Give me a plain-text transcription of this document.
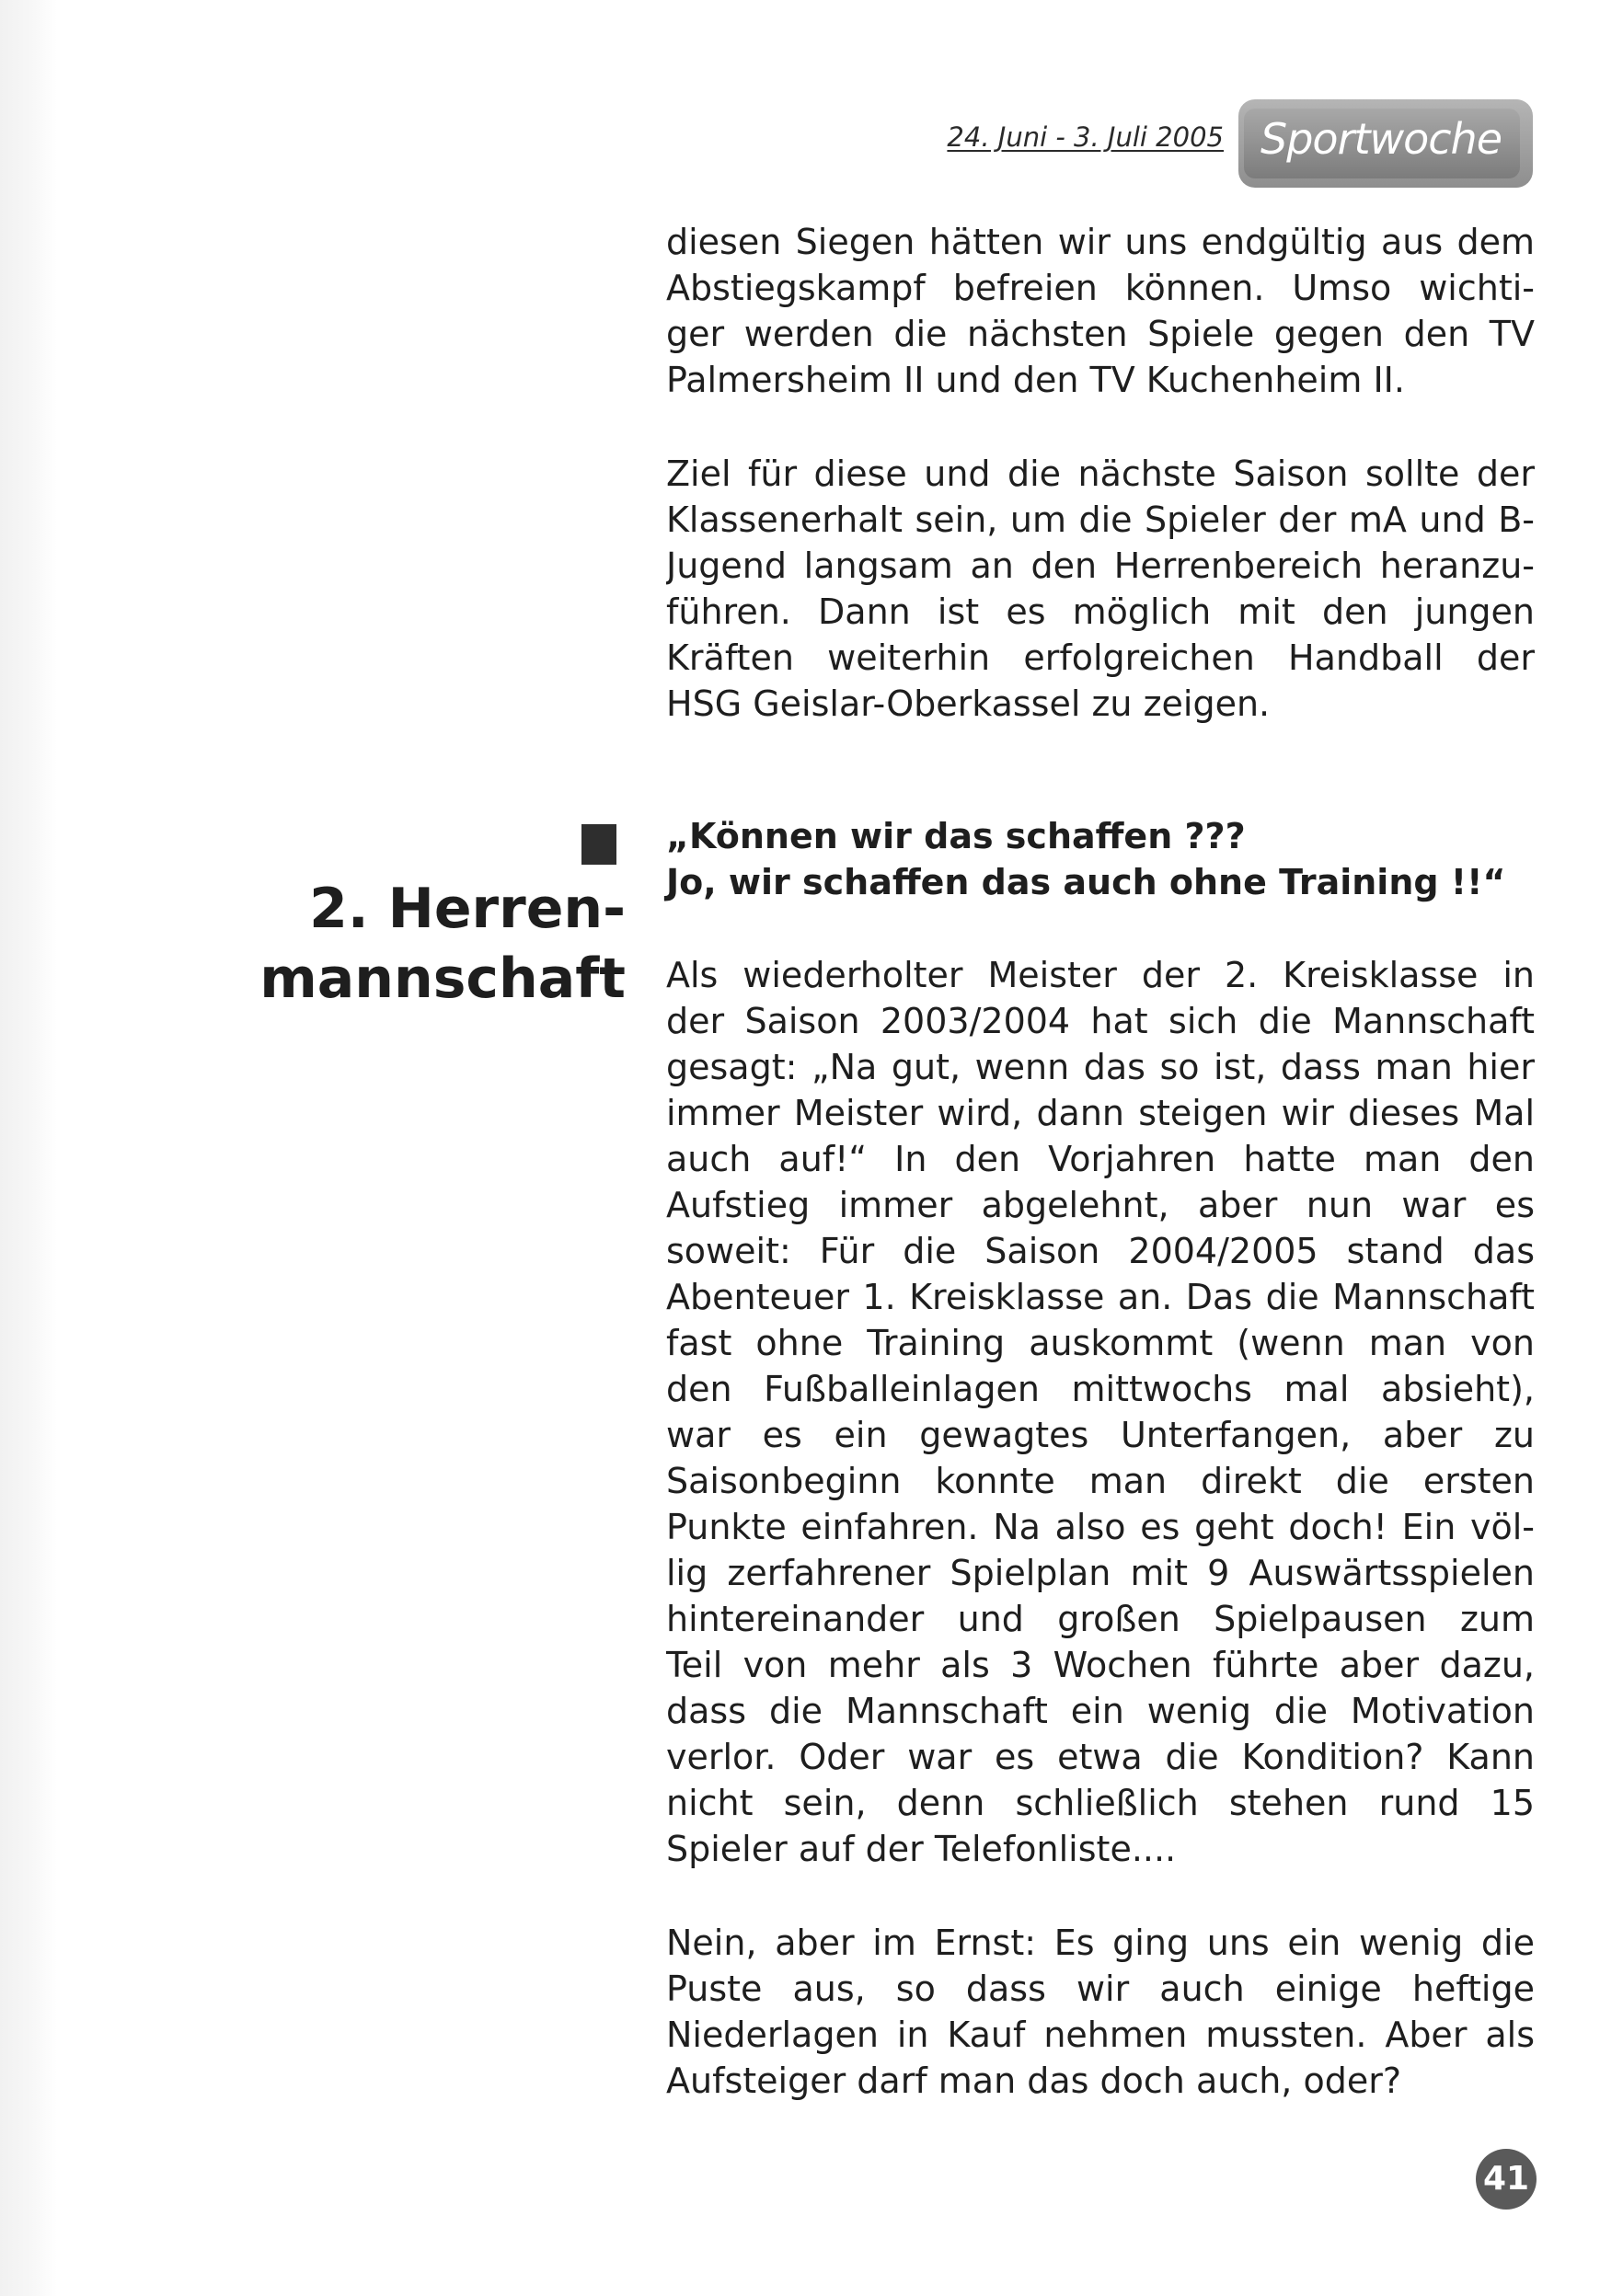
24. Juni - 3. Juli 2005 Sportwoche
diesen Siegen hätten wir uns endgültig aus dem
Abstiegskampf befreien können. Umso wichti-
ger werden die nächsten Spiele gegen den TV
Palmersheim II und den TV Kuchenheim II.
Ziel für diese und die nächste Saison sollte der
Klassenerhalt sein, um die Spieler der mA und B-
Jugend langsam an den Herrenbereich heranzu-
führen. Dann ist es möglich mit den jungen
Kräften weiterhin erfolgreichen Handball der
HSG Geislar-Oberkassel zu zeigen.
2. Herren-
mannschaft
„Können wir das schaffen ???
Jo, wir schaffen das auch ohne Training !!“
Als wiederholter Meister der 2. Kreisklasse in
der Saison 2003/2004 hat sich die Mannschaft
gesagt: „Na gut, wenn das so ist, dass man hier
immer Meister wird, dann steigen wir dieses Mal
auch auf!“ In den Vorjahren hatte man den
Aufstieg immer abgelehnt, aber nun war es
soweit: Für die Saison 2004/2005 stand das
Abenteuer 1. Kreisklasse an. Das die Mannschaft
fast ohne Training auskommt (wenn man von
den Fußballeinlagen mittwochs mal absieht),
war es ein gewagtes Unterfangen, aber zu
Saisonbeginn konnte man direkt die ersten
Punkte einfahren. Na also es geht doch! Ein völ-
lig zerfahrener Spielplan mit 9 Auswärtsspielen
hintereinander und großen Spielpausen zum
Teil von mehr als 3 Wochen führte aber dazu,
dass die Mannschaft ein wenig die Motivation
verlor. Oder war es etwa die Kondition? Kann
nicht sein, denn schließlich stehen rund 15
Spieler auf der Telefonliste....
Nein, aber im Ernst: Es ging uns ein wenig die
Puste aus, so dass wir auch einige heftige
Niederlagen in Kauf nehmen mussten. Aber als
Aufsteiger darf man das doch auch, oder?
41
